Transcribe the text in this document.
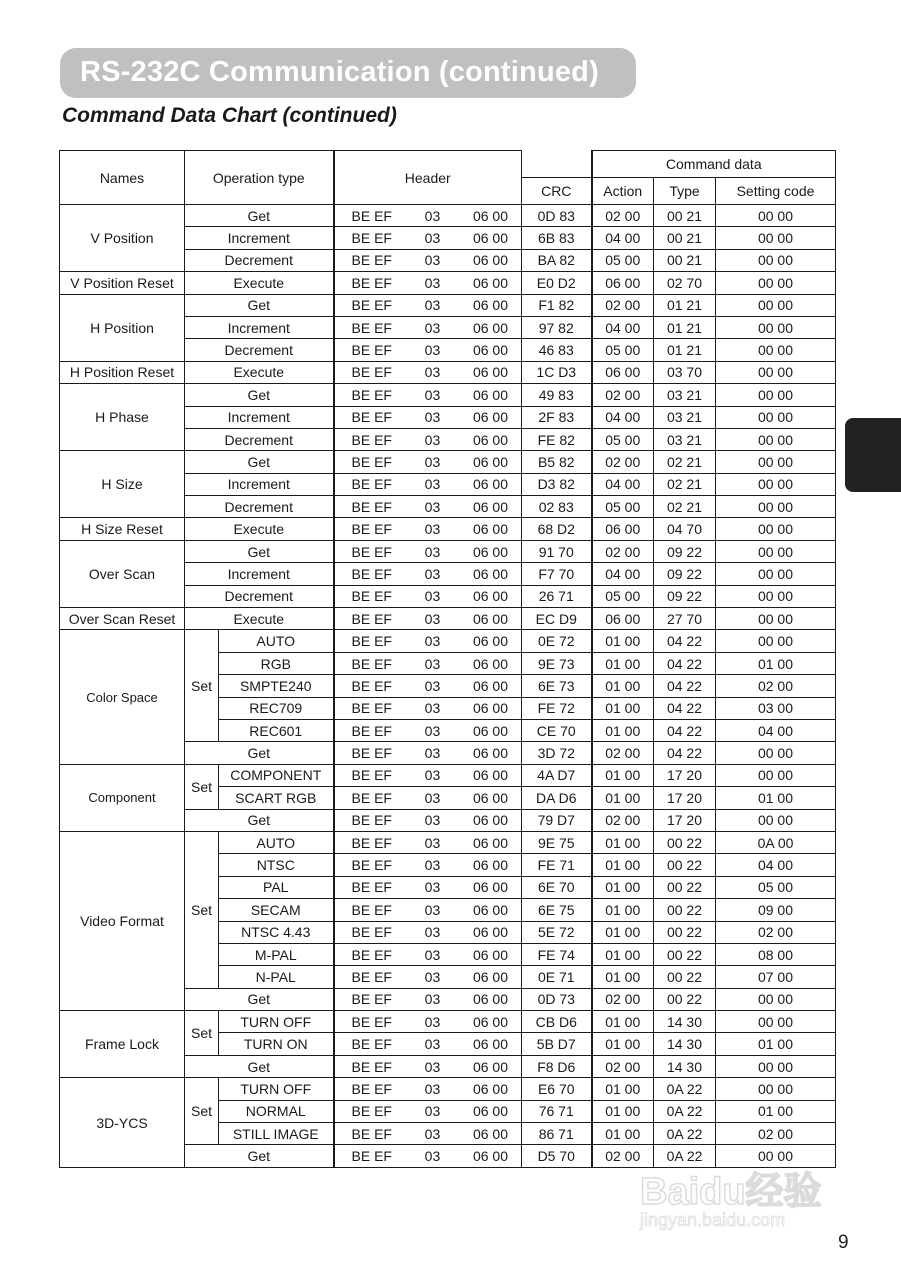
RS-232C Communication (continued)
Command Data Chart (continued)
Names	Operation type		Header		Command data		
				CRC	Action	Type	Setting code
V Position	Get		BE EF 03 06 00	0D 83	02 00	00 21	00 00
	Increment		BE EF 03 06 00	6B 83	04 00	00 21	00 00
	Decrement		BE EF 03 06 00	BA 82	05 00	00 21	00 00
V Position Reset	Execute		BE EF 03 06 00	E0 D2	06 00	02 70	00 00
H Position	Get		BE EF 03 06 00	F1 82	02 00	01 21	00 00
	Increment		BE EF 03 06 00	97 82	04 00	01 21	00 00
	Decrement		BE EF 03 06 00	46 83	05 00	01 21	00 00
H Position Reset	Execute		BE EF 03 06 00	1C D3	06 00	03 70	00 00
H Phase	Get		BE EF 03 06 00	49 83	02 00	03 21	00 00
	Increment		BE EF 03 06 00	2F 83	04 00	03 21	00 00
	Decrement		BE EF 03 06 00	FE 82	05 00	03 21	00 00
H Size	Get		BE EF 03 06 00	B5 82	02 00	02 21	00 00
	Increment		BE EF 03 06 00	D3 82	04 00	02 21	00 00
	Decrement		BE EF 03 06 00	02 83	05 00	02 21	00 00
H Size Reset	Execute		BE EF 03 06 00	68 D2	06 00	04 70	00 00
Over Scan	Get		BE EF 03 06 00	91 70	02 00	09 22	00 00
	Increment		BE EF 03 06 00	F7 70	04 00	09 22	00 00
	Decrement		BE EF 03 06 00	26 71	05 00	09 22	00 00
Over Scan Reset	Execute		BE EF 03 06 00	EC D9	06 00	27 70	00 00
Color Space	Set	AUTO	BE EF 03 06 00	0E 72	01 00	04 22	00 00
		RGB	BE EF 03 06 00	9E 73	01 00	04 22	01 00
		SMPTE240	BE EF 03 06 00	6E 73	01 00	04 22	02 00
		REC709	BE EF 03 06 00	FE 72	01 00	04 22	03 00
		REC601	BE EF 03 06 00	CE 70	01 00	04 22	04 00
	Get		BE EF 03 06 00	3D 72	02 00	04 22	00 00
Component	Set	COMPONENT	BE EF 03 06 00	4A D7	01 00	17 20	00 00
		SCART RGB	BE EF 03 06 00	DA D6	01 00	17 20	01 00
	Get		BE EF 03 06 00	79 D7	02 00	17 20	00 00
Video Format	Set	AUTO	BE EF 03 06 00	9E 75	01 00	00 22	0A 00
		NTSC	BE EF 03 06 00	FE 71	01 00	00 22	04 00
		PAL	BE EF 03 06 00	6E 70	01 00	00 22	05 00
		SECAM	BE EF 03 06 00	6E 75	01 00	00 22	09 00
		NTSC 4.43	BE EF 03 06 00	5E 72	01 00	00 22	02 00
		M-PAL	BE EF 03 06 00	FE 74	01 00	00 22	08 00
		N-PAL	BE EF 03 06 00	0E 71	01 00	00 22	07 00
	Get		BE EF 03 06 00	0D 73	02 00	00 22	00 00
Frame Lock	Set	TURN OFF	BE EF 03 06 00	CB D6	01 00	14 30	00 00
		TURN ON	BE EF 03 06 00	5B D7	01 00	14 30	01 00
	Get		BE EF 03 06 00	F8 D6	02 00	14 30	00 00
3D-YCS	Set	TURN OFF	BE EF 03 06 00	E6 70	01 00	0A 22	00 00
		NORMAL	BE EF 03 06 00	76 71	01 00	0A 22	01 00
		STILL IMAGE	BE EF 03 06 00	86 71	01 00	0A 22	02 00
	Get		BE EF 03 06 00	D5 70	02 00	0A 22	00 00
9
Baidu经验
jingyan.baidu.com
